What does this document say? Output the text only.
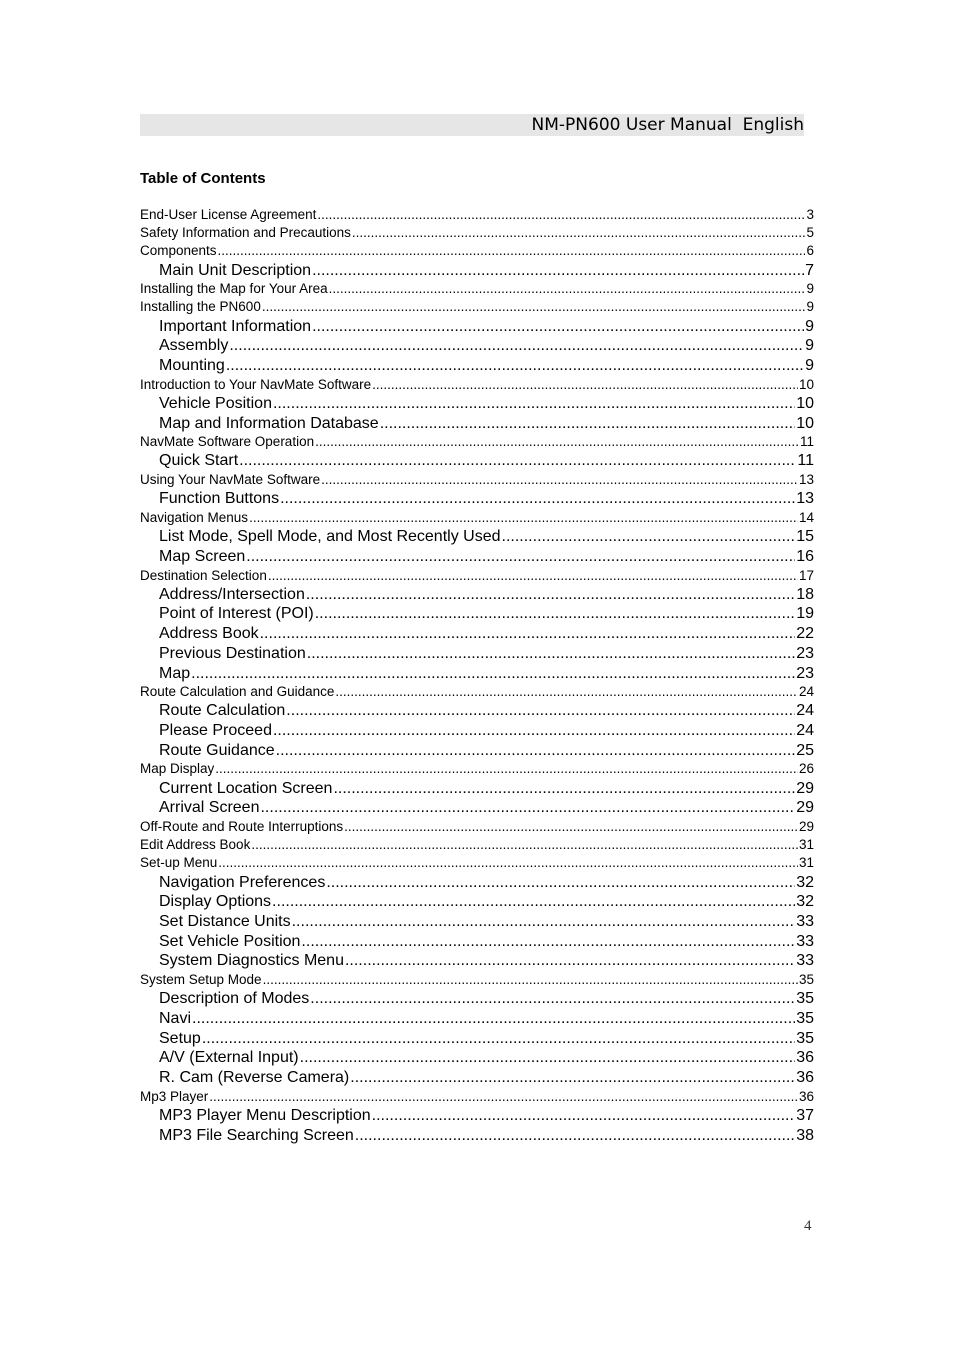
NM-PN600 User Manual  English
Table of Contents
End-User License Agreement .....	3
Safety Information and Precautions .....	5
Components .....	6
Main Unit Description .....	7
Installing the Map for Your Area .....	9
Installing the PN600 .....	9
Important Information .....	9
Assembly .....	9
Mounting .....	9
Introduction to Your NavMate Software .....	10
Vehicle Position .....	10
Map and Information Database .....	10
NavMate Software Operation .....	11
Quick Start .....	11
Using Your NavMate Software .....	13
Function Buttons .....	13
Navigation Menus .....	14
List Mode, Spell Mode, and Most Recently Used .....	15
Map Screen .....	16
Destination Selection .....	17
Address/Intersection .....	18
Point of Interest (POI) .....	19
Address Book .....	22
Previous Destination .....	23
Map .....	23
Route Calculation and Guidance .....	24
Route Calculation .....	24
Please Proceed .....	24
Route Guidance .....	25
Map Display .....	26
Current Location Screen .....	29
Arrival Screen .....	29
Off-Route and Route Interruptions .....	29
Edit Address Book .....	31
Set-up Menu .....	31
Navigation Preferences .....	32
Display Options .....	32
Set Distance Units .....	33
Set Vehicle Position .....	33
System Diagnostics Menu .....	33
System Setup Mode .....	35
Description of Modes .....	35
Navi .....	35
Setup .....	35
A/V (External Input) .....	36
R. Cam (Reverse Camera) .....	36
Mp3 Player .....	36
MP3 Player Menu Description .....	37
MP3 File Searching Screen .....	38
4
